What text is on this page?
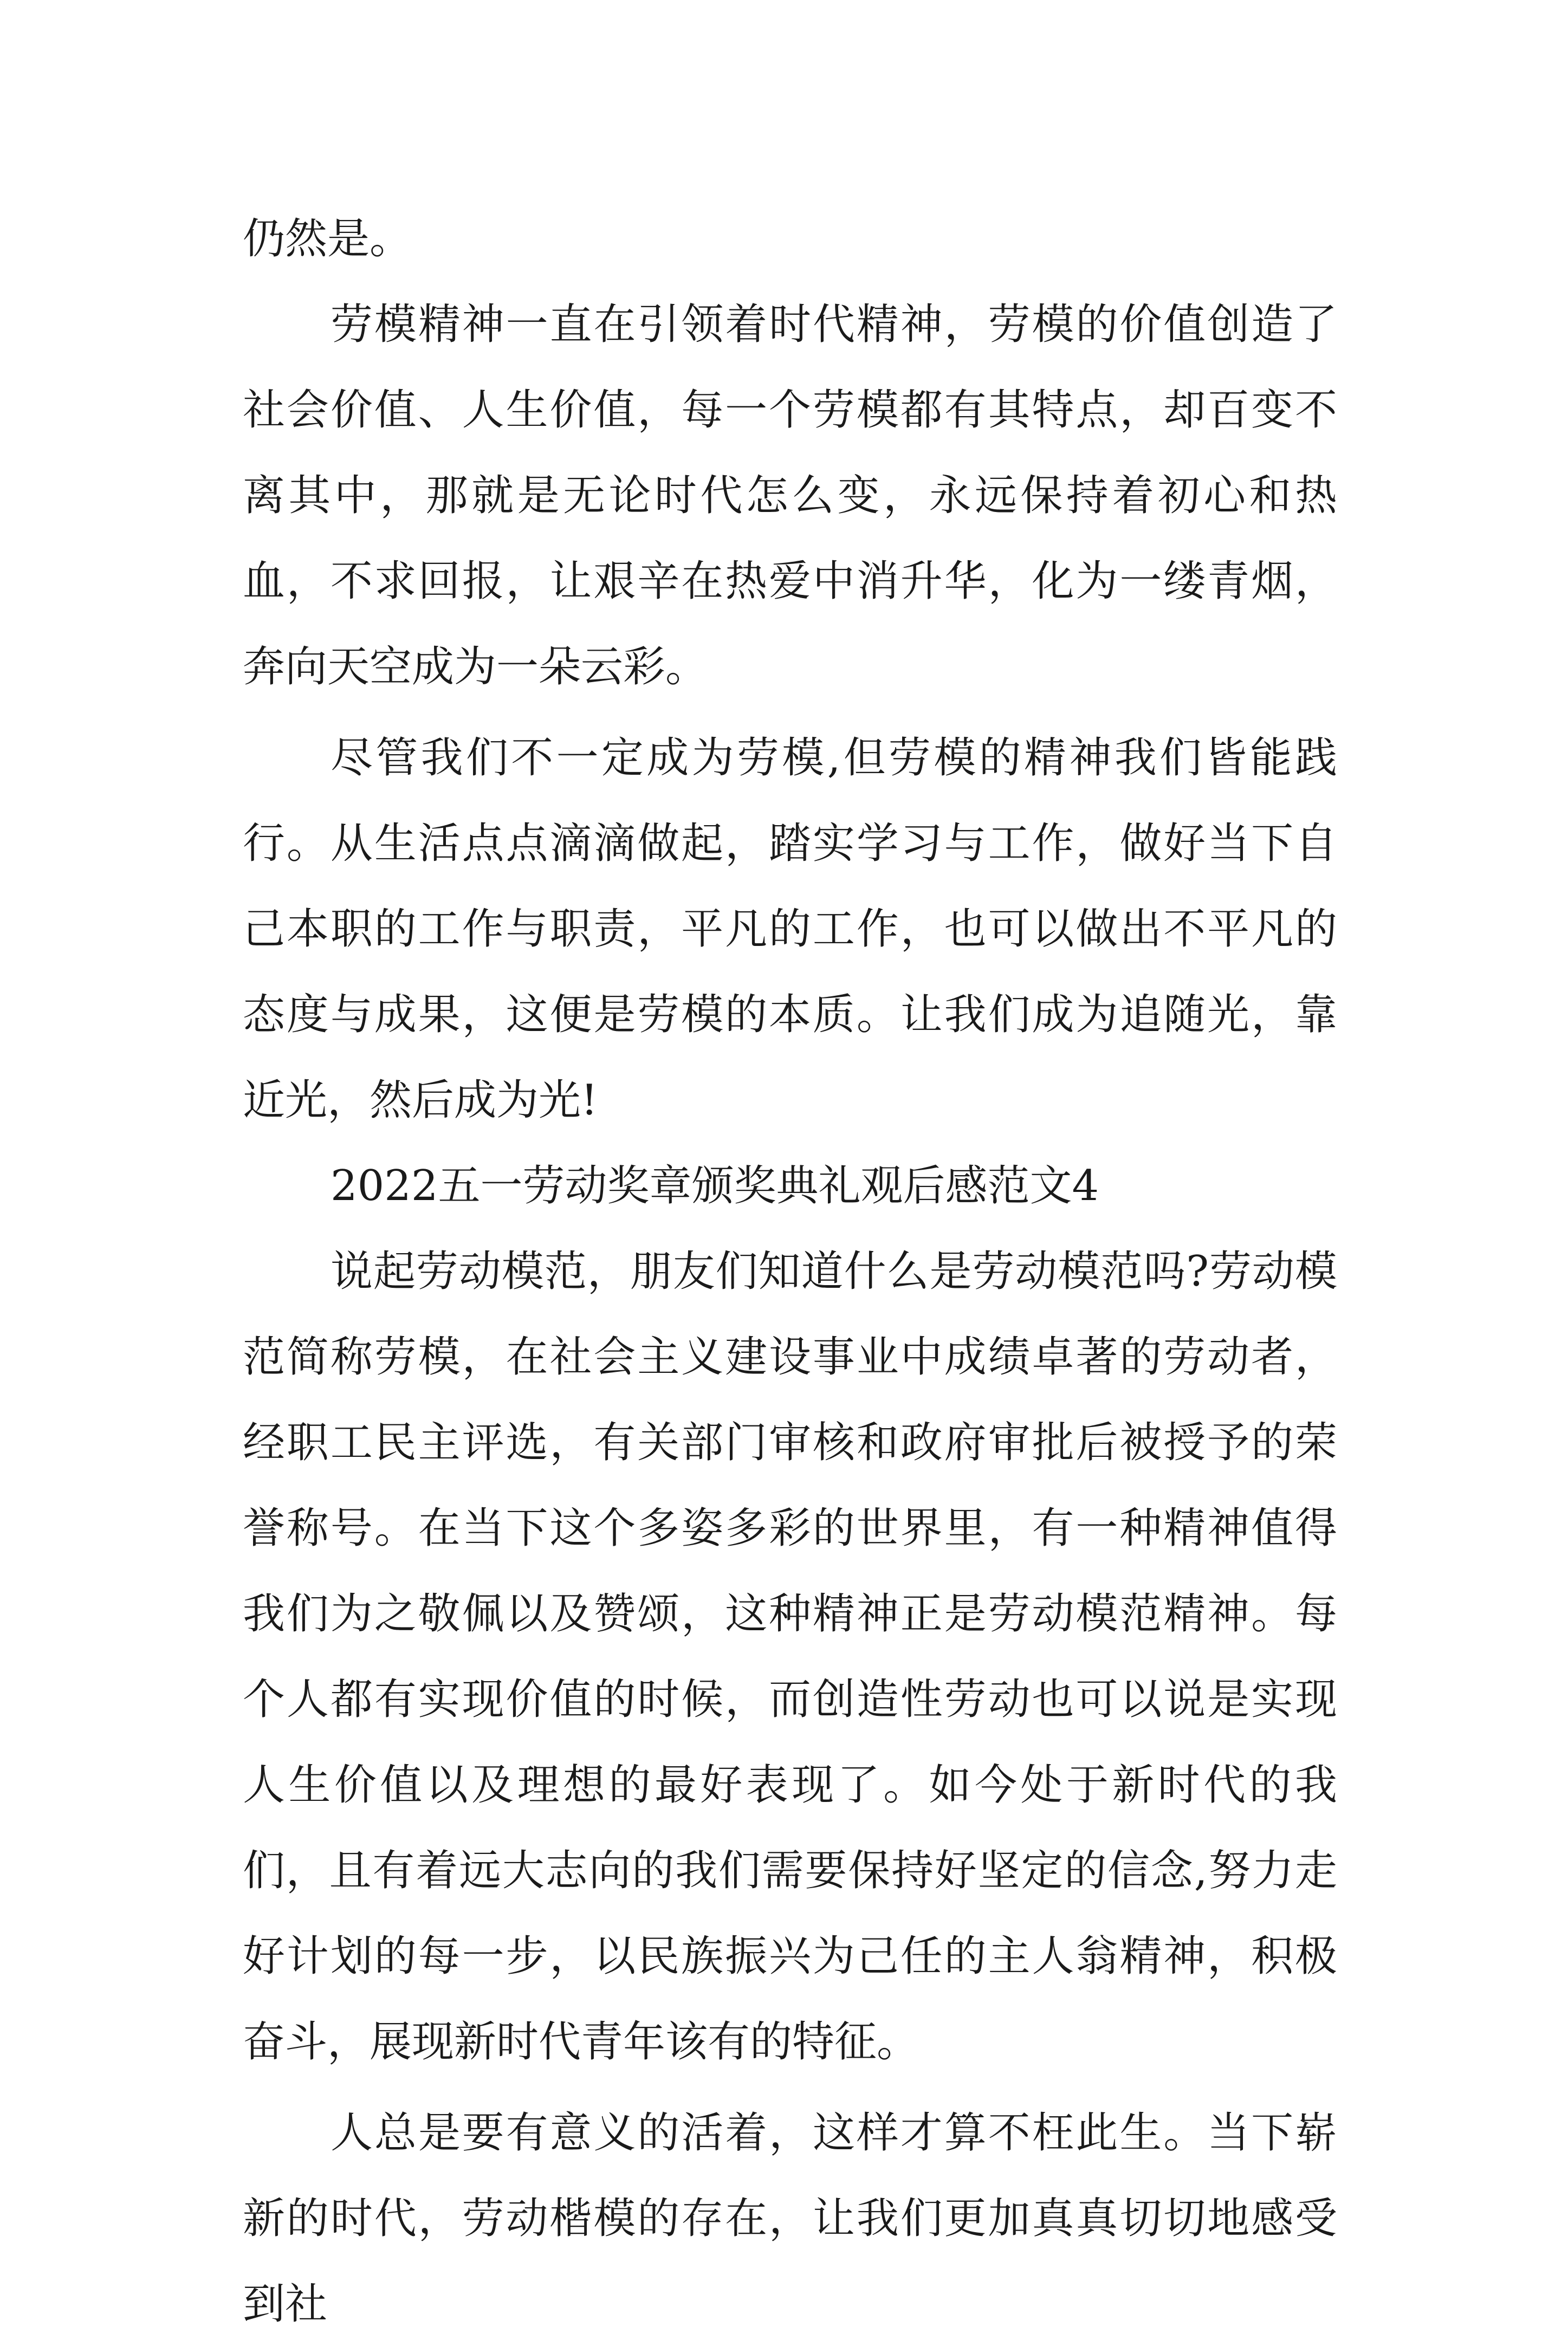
仍然是。

劳模精神一直在引领着时代精神，劳模的价值创造了社会价值、人生价值，每一个劳模都有其特点，却百变不离其中，那就是无论时代怎么变，永远保持着初心和热血，不求回报，让艰辛在热爱中消升华，化为一缕青烟，奔向天空成为一朵云彩。

尽管我们不一定成为劳模,但劳模的精神我们皆能践行。从生活点点滴滴做起，踏实学习与工作，做好当下自己本职的工作与职责，平凡的工作，也可以做出不平凡的态度与成果，这便是劳模的本质。让我们成为追随光，靠近光，然后成为光!

2022五一劳动奖章颁奖典礼观后感范文4

说起劳动模范，朋友们知道什么是劳动模范吗?劳动模范简称劳模，在社会主义建设事业中成绩卓著的劳动者，经职工民主评选，有关部门审核和政府审批后被授予的荣誉称号。在当下这个多姿多彩的世界里，有一种精神值得我们为之敬佩以及赞颂，这种精神正是劳动模范精神。每个人都有实现价值的时候，而创造性劳动也可以说是实现人生价值以及理想的最好表现了。如今处于新时代的我们，且有着远大志向的我们需要保持好坚定的信念,努力走好计划的每一步，以民族振兴为己任的主人翁精神，积极奋斗，展现新时代青年该有的特征。

人总是要有意义的活着，这样才算不枉此生。当下崭新的时代，劳动楷模的存在，让我们更加真真切切地感受到社
